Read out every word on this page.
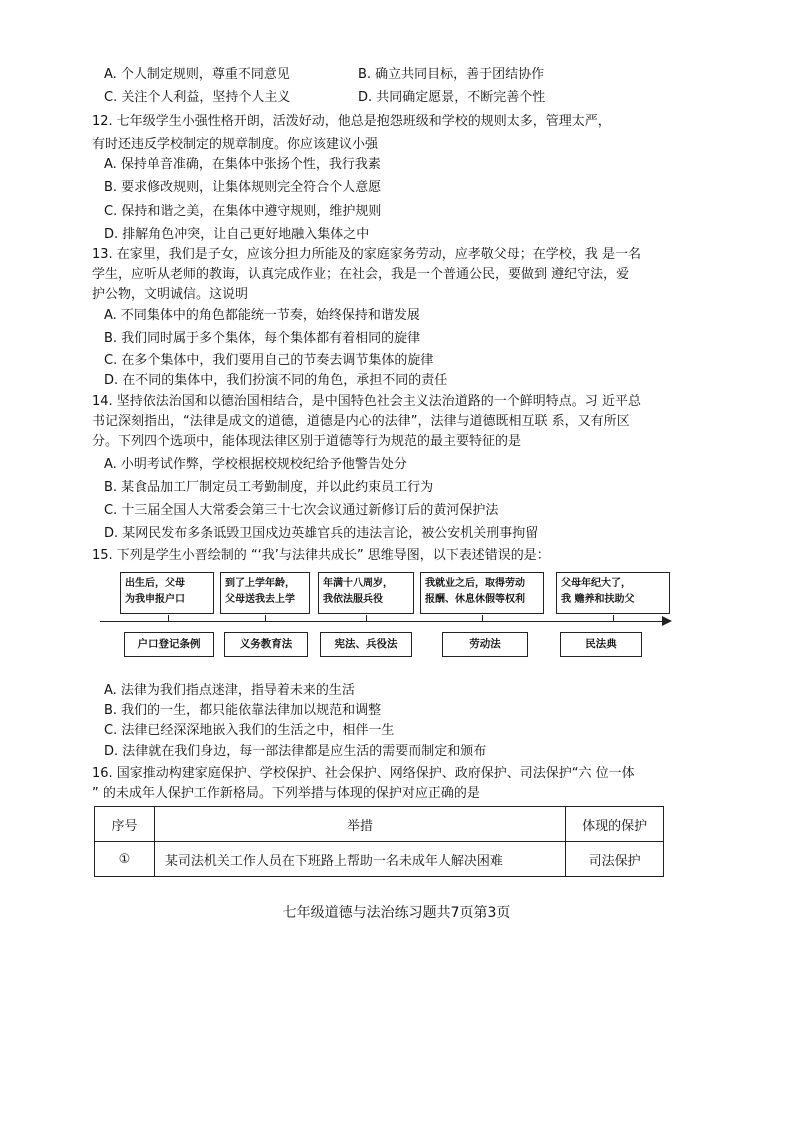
A. 个人制定规则，尊重不同意见	B. 确立共同目标，善于团结协作
C. 关注个人利益，坚持个人主义	D. 共同确定愿景，不断完善个性
12. 七年级学生小强性格开朗，活泼好动，他总是抱怨班级和学校的规则太多，管理太严，
有时还违反学校制定的规章制度。你应该建议小强
A. 保持单音准确，在集体中张扬个性，我行我素
B. 要求修改规则，让集体规则完全符合个人意愿
C. 保持和谐之美，在集体中遵守规则，维护规则
D. 排解角色冲突，让自己更好地融入集体之中
13. 在家里，我们是子女，应该分担力所能及的家庭家务劳动，应孝敬父母；在学校，我 是一名
学生，应听从老师的教诲，认真完成作业；在社会，我是一个普通公民，要做到 遵纪守法，爱
护公物，文明诚信。这说明
A. 不同集体中的角色都能统一节奏，始终保持和谐发展
B. 我们同时属于多个集体，每个集体都有着相同的旋律
C. 在多个集体中，我们要用自己的节奏去调节集体的旋律
D. 在不同的集体中，我们扮演不同的角色，承担不同的责任
14. 坚持依法治国和以德治国相结合，是中国特色社会主义法治道路的一个鲜明特点。习 近平总
书记深刻指出，“法律是成文的道德，道德是内心的法律”，法律与道德既相互联 系，又有所区
分。下列四个选项中，能体现法律区别于道德等行为规范的最主要特征的是
A. 小明考试作弊，学校根据校规校纪给予他警告处分
B. 某食品加工厂制定员工考勤制度，并以此约束员工行为
C. 十三届全国人大常委会第三十七次会议通过新修订后的黄河保护法
D. 某网民发布多条诋毁卫国戍边英雄官兵的违法言论，被公安机关刑事拘留
15. 下列是学生小晋绘制的 “‘我’与法律共成长” 思维导图，以下表述错误的是：
出生后，父母
为我申报户口
到了上学年龄，
父母送我去上学
年满十八周岁，
我依法服兵役
我就业之后，取得劳动
报酬、休息休假等权利
父母年纪大了，
我 赡养和扶助父
户口登记条例	义务教育法	宪法、兵役法	劳动法	民法典
A. 法律为我们指点迷津，指导着未来的生活
B. 我们的一生，都只能依靠法律加以规范和调整
C. 法律已经深深地嵌入我们的生活之中，相伴一生
D. 法律就在我们身边，每一部法律都是应生活的需要而制定和颁布
16. 国家推动构建家庭保护、学校保护、社会保护、网络保护、政府保护、司法保护“六 位一体
” 的未成年人保护工作新格局。下列举措与体现的保护对应正确的是
序号	举措	体现的保护
①	某司法机关工作人员在下班路上帮助一名未成年人解决困难	司法保护
七年级道德与法治练习题共7页第3页
